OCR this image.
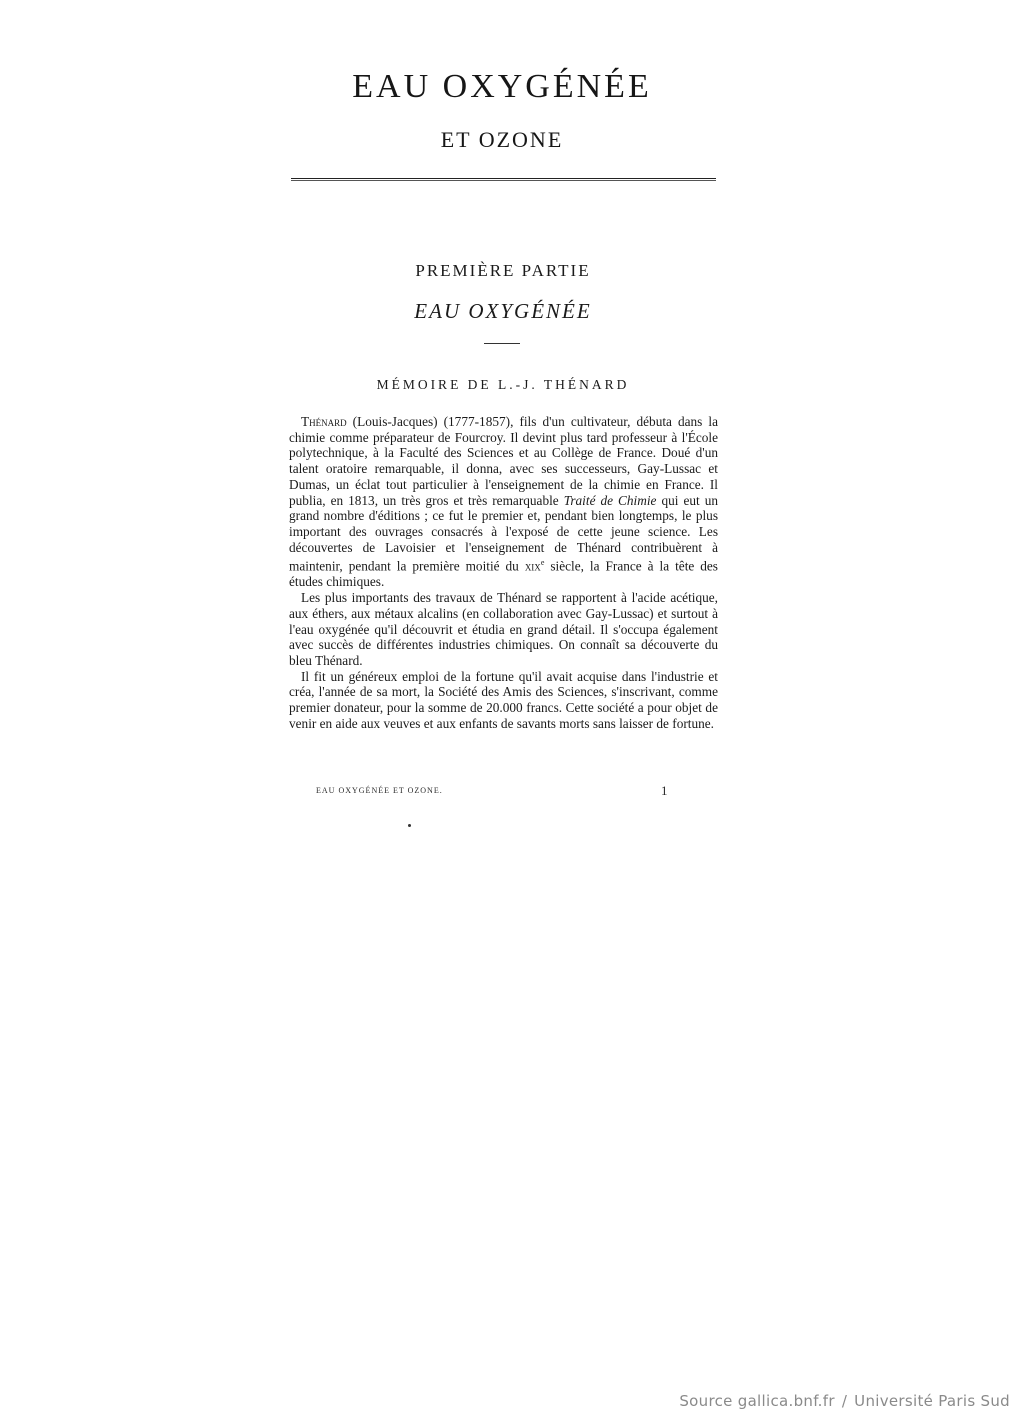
EAU OXYGÉNÉE
ET OZONE
PREMIÈRE PARTIE
EAU OXYGÉNÉE
MÉMOIRE DE L.-J. THÉNARD

Thénard (Louis-Jacques) (1777-1857), fils d'un cultivateur, débuta dans la chimie comme préparateur de Fourcroy. Il devint plus tard professeur à l'École polytechnique, à la Faculté des Sciences et au Collège de France. Doué d'un talent oratoire remarquable, il donna, avec ses successeurs, Gay-Lussac et Dumas, un éclat tout particulier à l'enseignement de la chimie en France. Il publia, en 1813, un très gros et très remarquable Traité de Chimie qui eut un grand nombre d'éditions ; ce fut le premier et, pendant bien longtemps, le plus important des ouvrages consacrés à l'exposé de cette jeune science. Les découvertes de Lavoisier et l'enseignement de Thénard contribuèrent à maintenir, pendant la première moitié du xix$^e$ siècle, la France à la tête des études chimiques.

Les plus importants des travaux de Thénard se rapportent à l'acide acétique, aux éthers, aux métaux alcalins (en collaboration avec Gay-Lussac) et surtout à l'eau oxygénée qu'il découvrit et étudia en grand détail. Il s'occupa également avec succès de différentes industries chimiques. On connaît sa découverte du bleu Thénard.

Il fit un généreux emploi de la fortune qu'il avait acquise dans l'industrie et créa, l'année de sa mort, la Société des Amis des Sciences, s'inscrivant, comme premier donateur, pour la somme de 20.000 francs. Cette société a pour objet de venir en aide aux veuves et aux enfants de savants morts sans laisser de fortune.

EAU OXYGÉNÉE ET OZONE.	1
Source gallica.bnf.fr / Université Paris Sud
